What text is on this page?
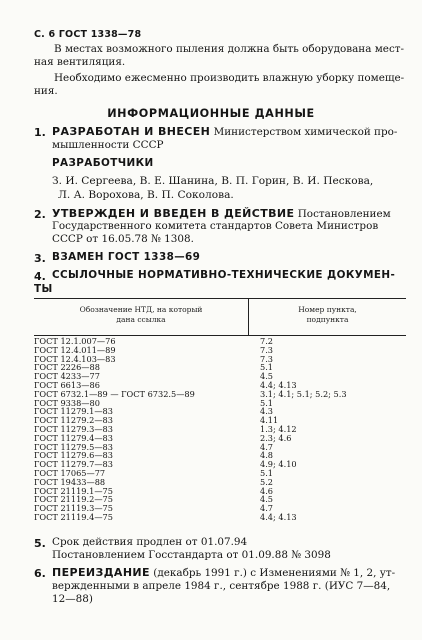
С. 6 ГОСТ 1338—78
В местах возможного пыления должна быть оборудована мест-
ная вентиляция.
Необходимо ежесменно производить влажную уборку помеще-
ния.
ИНФОРМАЦИОННЫЕ ДАННЫЕ
1. РАЗРАБОТАН И ВНЕСЕН Министерством химической про-
мышленности СССР
РАЗРАБОТЧИКИ
З. И. Сергеева, В. Е. Шанина, В. П. Горин, В. И. Пескова,
Л. А. Ворохова, В. П. Соколова.
2. УТВЕРЖДЕН И ВВЕДЕН В ДЕЙСТВИЕ Постановлением
Государственного комитета стандартов Совета Министров
СССР от 16.05.78 № 1308.
3. ВЗАМЕН ГОСТ 1338—69
4. ССЫЛОЧНЫЕ НОРМАТИВНО-ТЕХНИЧЕСКИЕ ДОКУМЕН-
ТЫ
Обозначение НТД, на который
дана ссылка
Номер пункта,
подпункта
ГОСТ 12.1.007—76	7.2
ГОСТ 12.4.011—89	7.3
ГОСТ 12.4.103—83	7.3
ГОСТ 2226—88	5.1
ГОСТ 4233—77	4.5
ГОСТ 6613—86	4.4; 4.13
ГОСТ 6732.1—89 — ГОСТ 6732.5—89	3.1; 4.1; 5.1; 5.2; 5.3
ГОСТ 9338—80	5.1
ГОСТ 11279.1—83	4.3
ГОСТ 11279.2—83	4.11
ГОСТ 11279.3—83	1.3; 4.12
ГОСТ 11279.4—83	2.3; 4.6
ГОСТ 11279.5—83	4.7
ГОСТ 11279.6—83	4.8
ГОСТ 11279.7—83	4.9; 4.10
ГОСТ 17065—77	5.1
ГОСТ 19433—88	5.2
ГОСТ 21119.1—75	4.6
ГОСТ 21119.2—75	4.5
ГОСТ 21119.3—75	4.7
ГОСТ 21119.4—75	4.4; 4.13
5. Срок действия продлен от 01.07.94
Постановлением Госстандарта от 01.09.88 № 3098
6. ПЕРЕИЗДАНИЕ (декабрь 1991 г.) с Изменениями № 1, 2, ут-
вержденными в апреле 1984 г., сентябре 1988 г. (ИУС 7—84,
12—88)
